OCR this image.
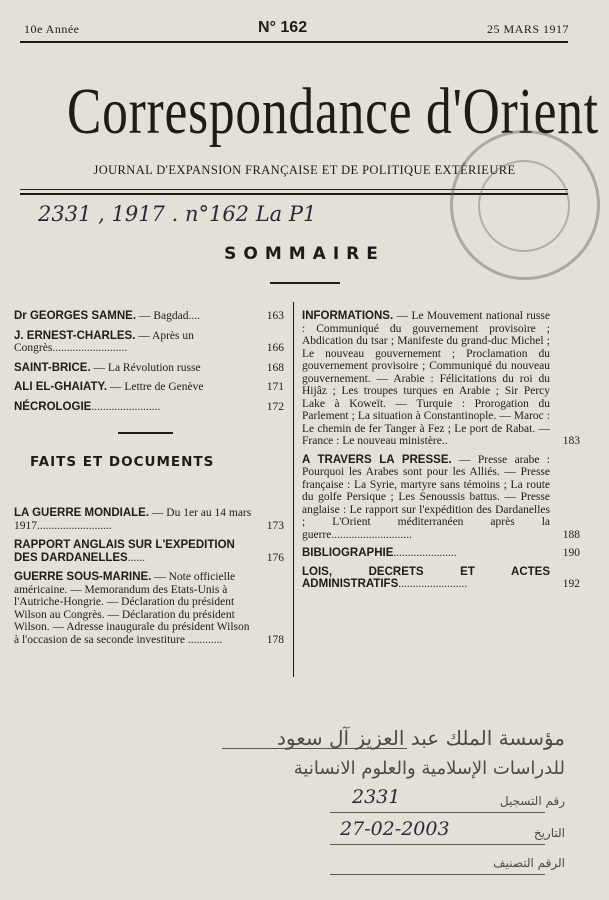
10e Année	N° 162	25 MARS 1917
Correspondance d'Orient
JOURNAL D'EXPANSION FRANÇAISE ET DE POLITIQUE EXTÉRIEURE
2331 , 1917 . n°162 La P1
SOMMAIRE
Dr GEORGES SAMNE. — Bagdad....	163
J. ERNEST-CHARLES. — Après un Congrès..........................	166
SAINT-BRICE. — La Révolution russe	168
ALI EL-GHAIATY. — Lettre de Genève	171
NÉCROLOGIE........................	172
FAITS ET DOCUMENTS
LA GUERRE MONDIALE. — Du 1er au 14 mars 1917..........................	173
RAPPORT ANGLAIS SUR L'EXPEDITION DES DARDANELLES......	176
GUERRE SOUS-MARINE. — Note officielle américaine. — Memorandum des Etats-Unis à l'Autriche-Hongrie. — Déclaration du président Wilson au Congrès. — Déclaration du président Wilson. — Adresse inaugurale du président Wilson à l'occasion de sa seconde investiture ............	178
INFORMATIONS. — Le Mouvement national russe : Communiqué du gouvernement provisoire ; Abdication du tsar ; Manifeste du grand-duc Michel ; Le nouveau gouvernement ; Proclamation du gouvernement provisoire ; Communiqué du nouveau gouvernement. — Arabie : Félicitations du roi du Hijâz ; Les troupes turques en Arabie ; Sir Percy Lake à Koweït. — Turquie : Prorogation du Parlement ; La situation à Constantinople. — Maroc : Le chemin de fer Tanger à Fez ; Le port de Rabat. — France : Le nouveau ministère..	183
A TRAVERS LA PRESSE. — Presse arabe : Pourquoi les Arabes sont pour les Alliés. — Presse française : La Syrie, martyre sans témoins ; La route du golfe Persique ; Les Senoussis battus. — Presse anglaise : Le rapport sur l'expédition des Dardanelles ; L'Orient méditerranéen après la guerre............................	188
BIBLIOGRAPHIE......................	190
LOIS, DECRETS ET ACTES ADMINISTRATIFS........................	192
مؤسسة الملك عبد العزيز آل سعود
للدراسات الإسلامية والعلوم الانسانية
رقم التسجيل
2331
التاريخ
27-02-2003
الرقم التصنيف
